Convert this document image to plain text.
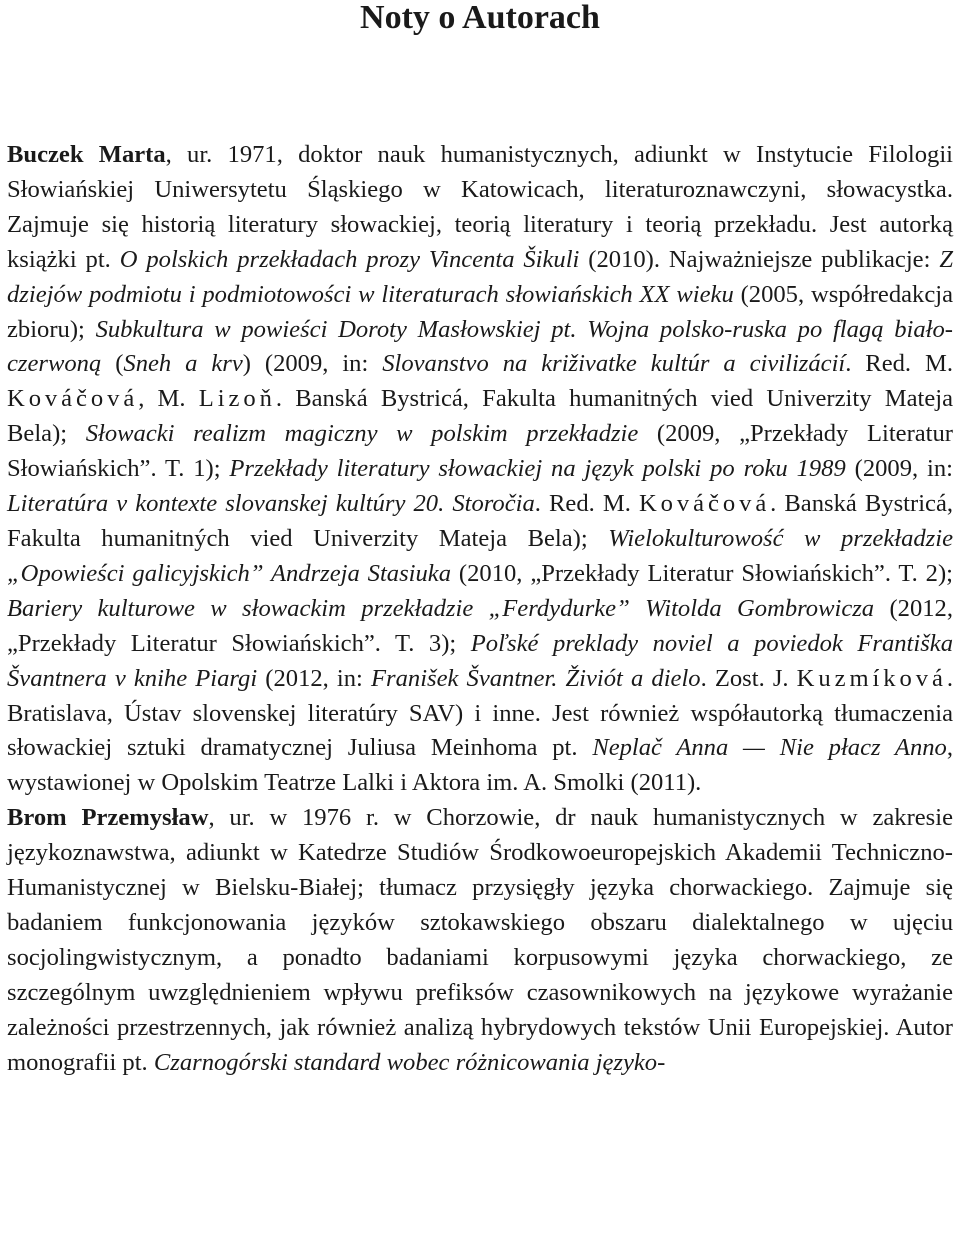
Noty o Autorach

Buczek Marta, ur. 1971, doktor nauk humanistycznych, adiunkt w Instytucie Filologii Słowiańskiej Uniwersytetu Śląskiego w Katowicach, literaturoznawczyni, słowacystka. Zajmuje się historią literatury słowackiej, teorią literatury i teorią przekładu. Jest autorką książki pt. O polskich przekładach prozy Vincenta Šikuli (2010). Najważniejsze publikacje: Z dziejów podmiotu i podmiotowości w literaturach słowiańskich XX wieku (2005, współredakcja zbioru); Subkultura w powieści Doroty Masłowskiej pt. Wojna polsko-ruska po flagą biało-czerwoną (Sneh a krv) (2009, in: Slovanstvo na križivatke kultúr a civilizácií. Red. M. Kováčová, M. Lizoň. Banská Bystricá, Fakulta humanitných vied Univerzity Mateja Bela); Słowacki realizm magiczny w polskim przekładzie (2009, „Przekłady Literatur Słowiańskich”. T. 1); Przekłady literatury słowackiej na język polski po roku 1989 (2009, in: Literatúra v kontexte slovanskej kultúry 20. Storočia. Red. M. Kováčová. Banská Bystricá, Fakulta humanitných vied Univerzity Mateja Bela); Wielokulturowość w przekładzie „Opowieści galicyjskich” Andrzeja Stasiuka (2010, „Przekłady Literatur Słowiańskich”. T. 2); Bariery kulturowe w słowackim przekładzie „Ferdydurke” Witolda Gombrowicza (2012, „Przekłady Literatur Słowiańskich”. T. 3); Poľské preklady noviel a poviedok Františka Švantnera v knihe Piargi (2012, in: Franišek Švantner. Živiót a dielo. Zost. J. Kuzmíková. Bratislava, Ústav slovenskej literatúry SAV) i inne. Jest również współautorką tłumaczenia słowackiej sztuki dramatycznej Juliusa Meinhoma pt. Neplač Anna — Nie płacz Anno, wystawionej w Opolskim Teatrze Lalki i Aktora im. A. Smolki (2011).

Brom Przemysław, ur. w 1976 r. w Chorzowie, dr nauk humanistycznych w zakresie językoznawstwa, adiunkt w Katedrze Studiów Środkowoeuropejskich Akademii Techniczno-Humanistycznej w Bielsku-Białej; tłumacz przysięgły języka chorwackiego. Zajmuje się badaniem funkcjonowania języków sztokawskiego obszaru dialektalnego w ujęciu socjolingwistycznym, a ponadto badaniami korpusowymi języka chorwackiego, ze szczególnym uwzględnieniem wpływu prefiksów czasownikowych na językowe wyrażanie zależności przestrzennych, jak również analizą hybrydowych tekstów Unii Europejskiej. Autor monografii pt. Czarnogórski standard wobec różnicowania języko-
